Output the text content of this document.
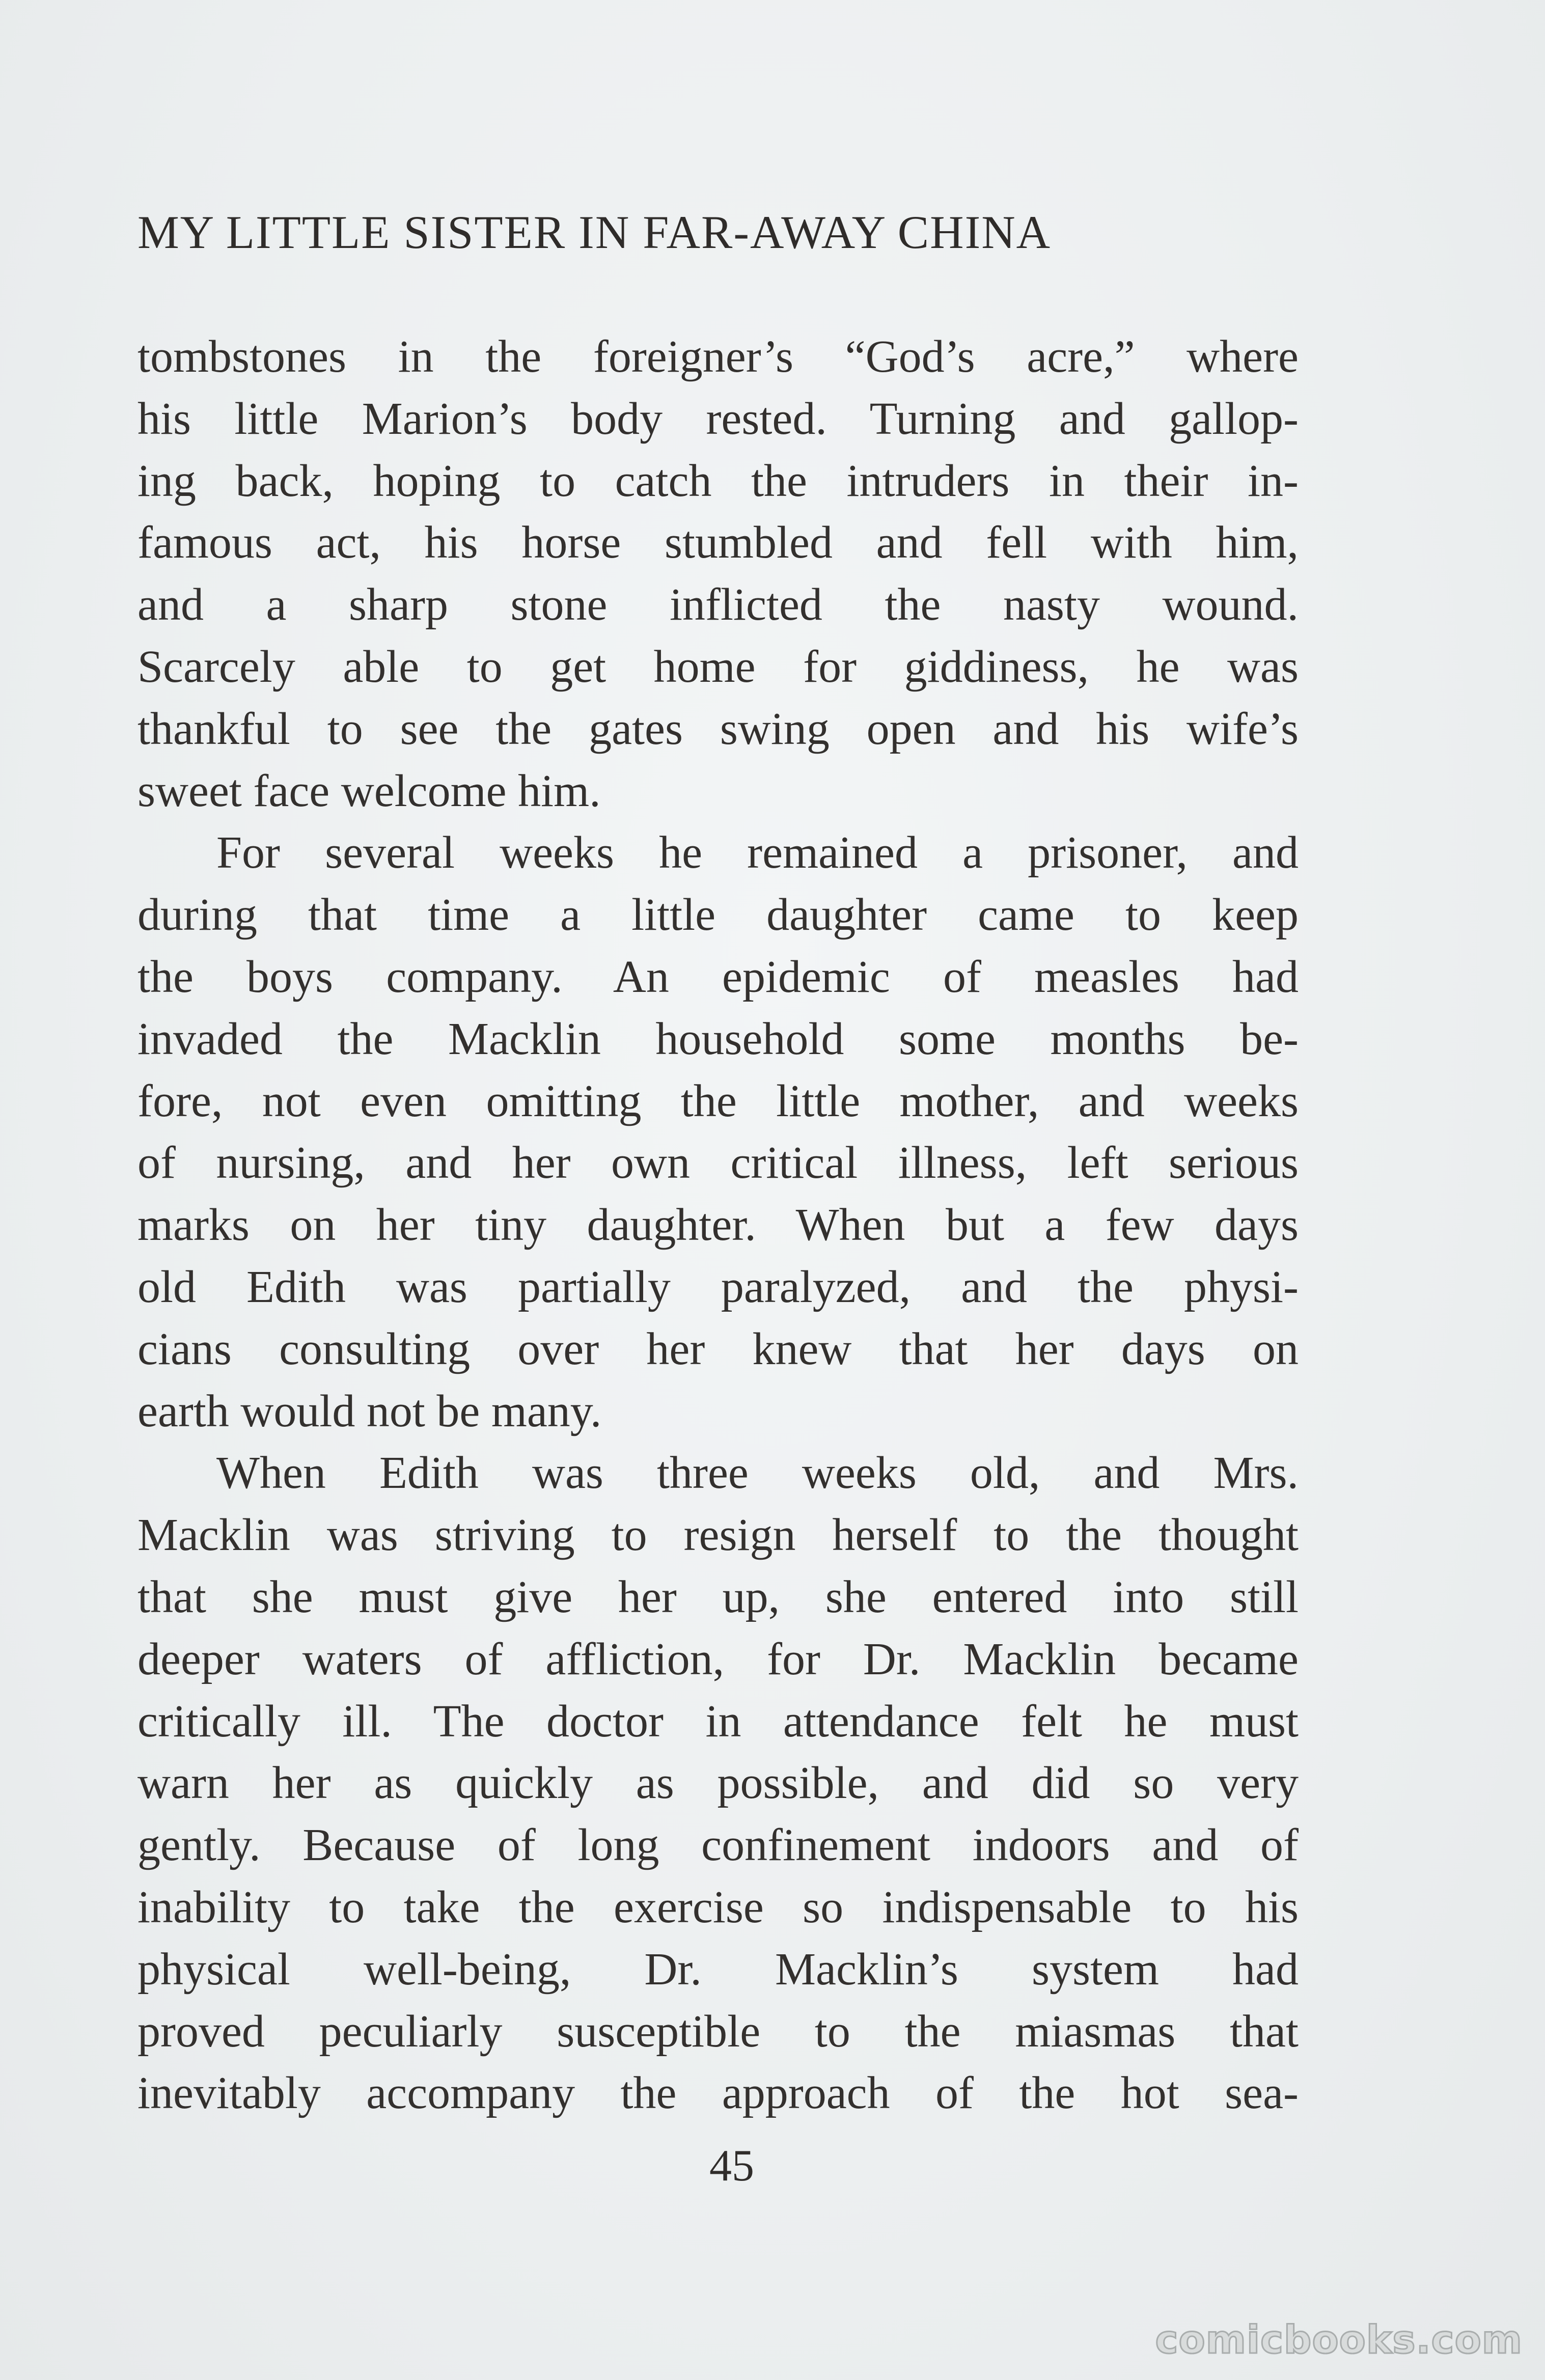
MY LITTLE SISTER IN FAR-AWAY CHINA
tombstones in the foreigner’s “God’s acre,” where
his little Marion’s body rested. Turning and gallop-
ing back, hoping to catch the intruders in their in-
famous act, his horse stumbled and fell with him,
and a sharp stone inflicted the nasty wound.
Scarcely able to get home for giddiness, he was
thankful to see the gates swing open and his wife’s
sweet face welcome him.
For several weeks he remained a prisoner, and
during that time a little daughter came to keep
the boys company. An epidemic of measles had
invaded the Macklin household some months be-
fore, not even omitting the little mother, and weeks
of nursing, and her own critical illness, left serious
marks on her tiny daughter. When but a few days
old Edith was partially paralyzed, and the physi-
cians consulting over her knew that her days on
earth would not be many.
When Edith was three weeks old, and Mrs.
Macklin was striving to resign herself to the thought
that she must give her up, she entered into still
deeper waters of affliction, for Dr. Macklin became
critically ill. The doctor in attendance felt he must
warn her as quickly as possible, and did so very
gently. Because of long confinement indoors and of
inability to take the exercise so indispensable to his
physical well-being, Dr. Macklin’s system had
proved peculiarly susceptible to the miasmas that
inevitably accompany the approach of the hot sea-
45
comicbooks.com
